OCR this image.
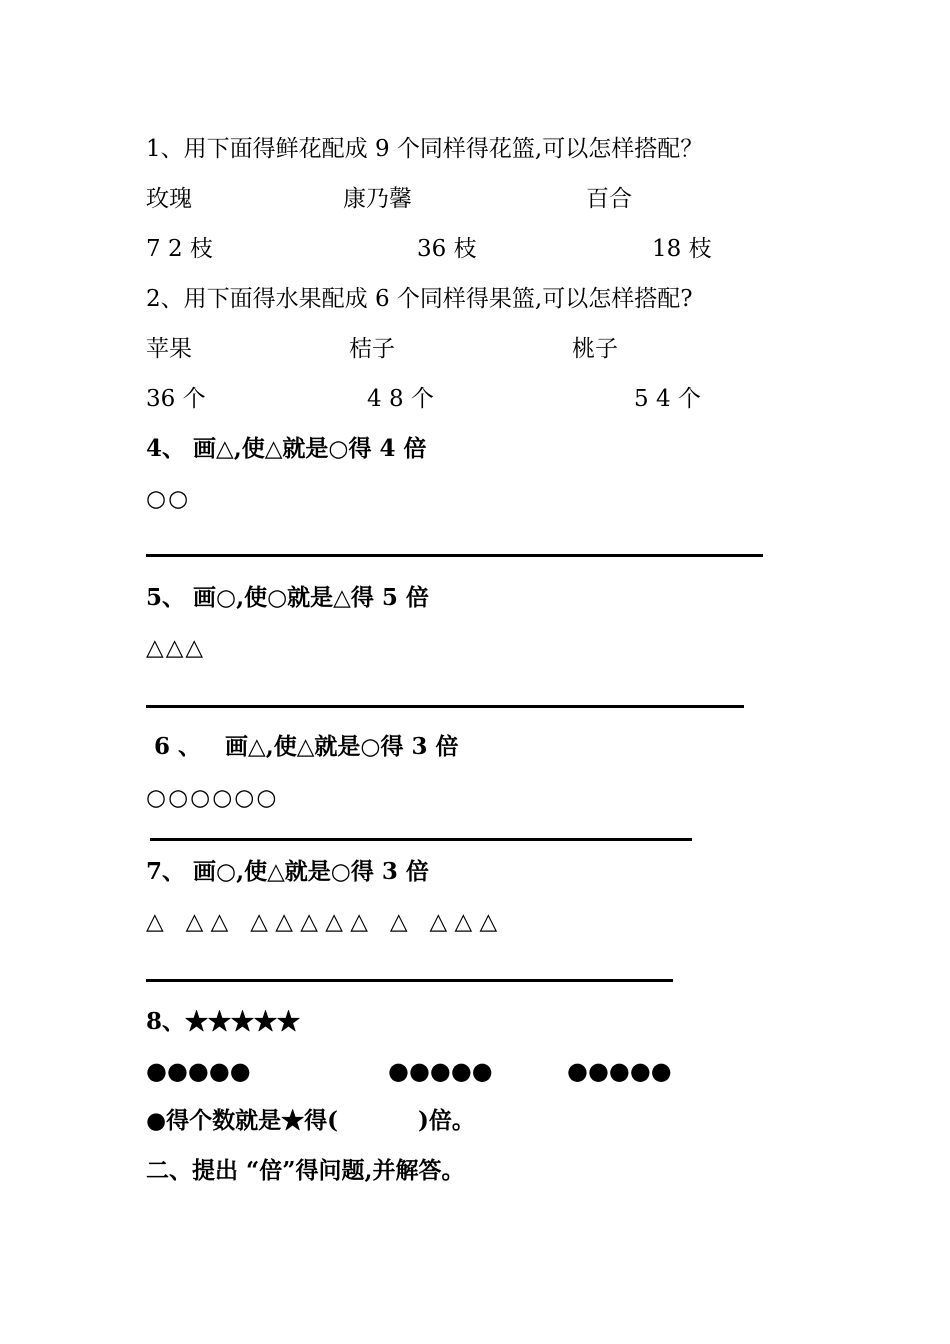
1、用下面得鲜花配成 9 个同样得花篮,可以怎样搭配？
玫瑰	康乃馨	百合
7 2 枝	36 枝	18 枝
2、用下面得水果配成 6 个同样得果篮,可以怎样搭配?
苹果	桔子	桃子
36 个	4 8 个	5 4 个
4、 画△,使△就是○得 4 倍
○○
5、 画○,使○就是△得 5 倍
△△△
6 、   画△,使△就是○得 3 倍
○○○○○○
7、 画○,使△就是○得 3 倍
△   △ △   △ △ △ △ △   △   △ △ △
8、★★★★★
●●●●●	●●●●●	●●●●●
●得个数就是★得(          )倍。
二、提出 “倍”得问题,并解答。
